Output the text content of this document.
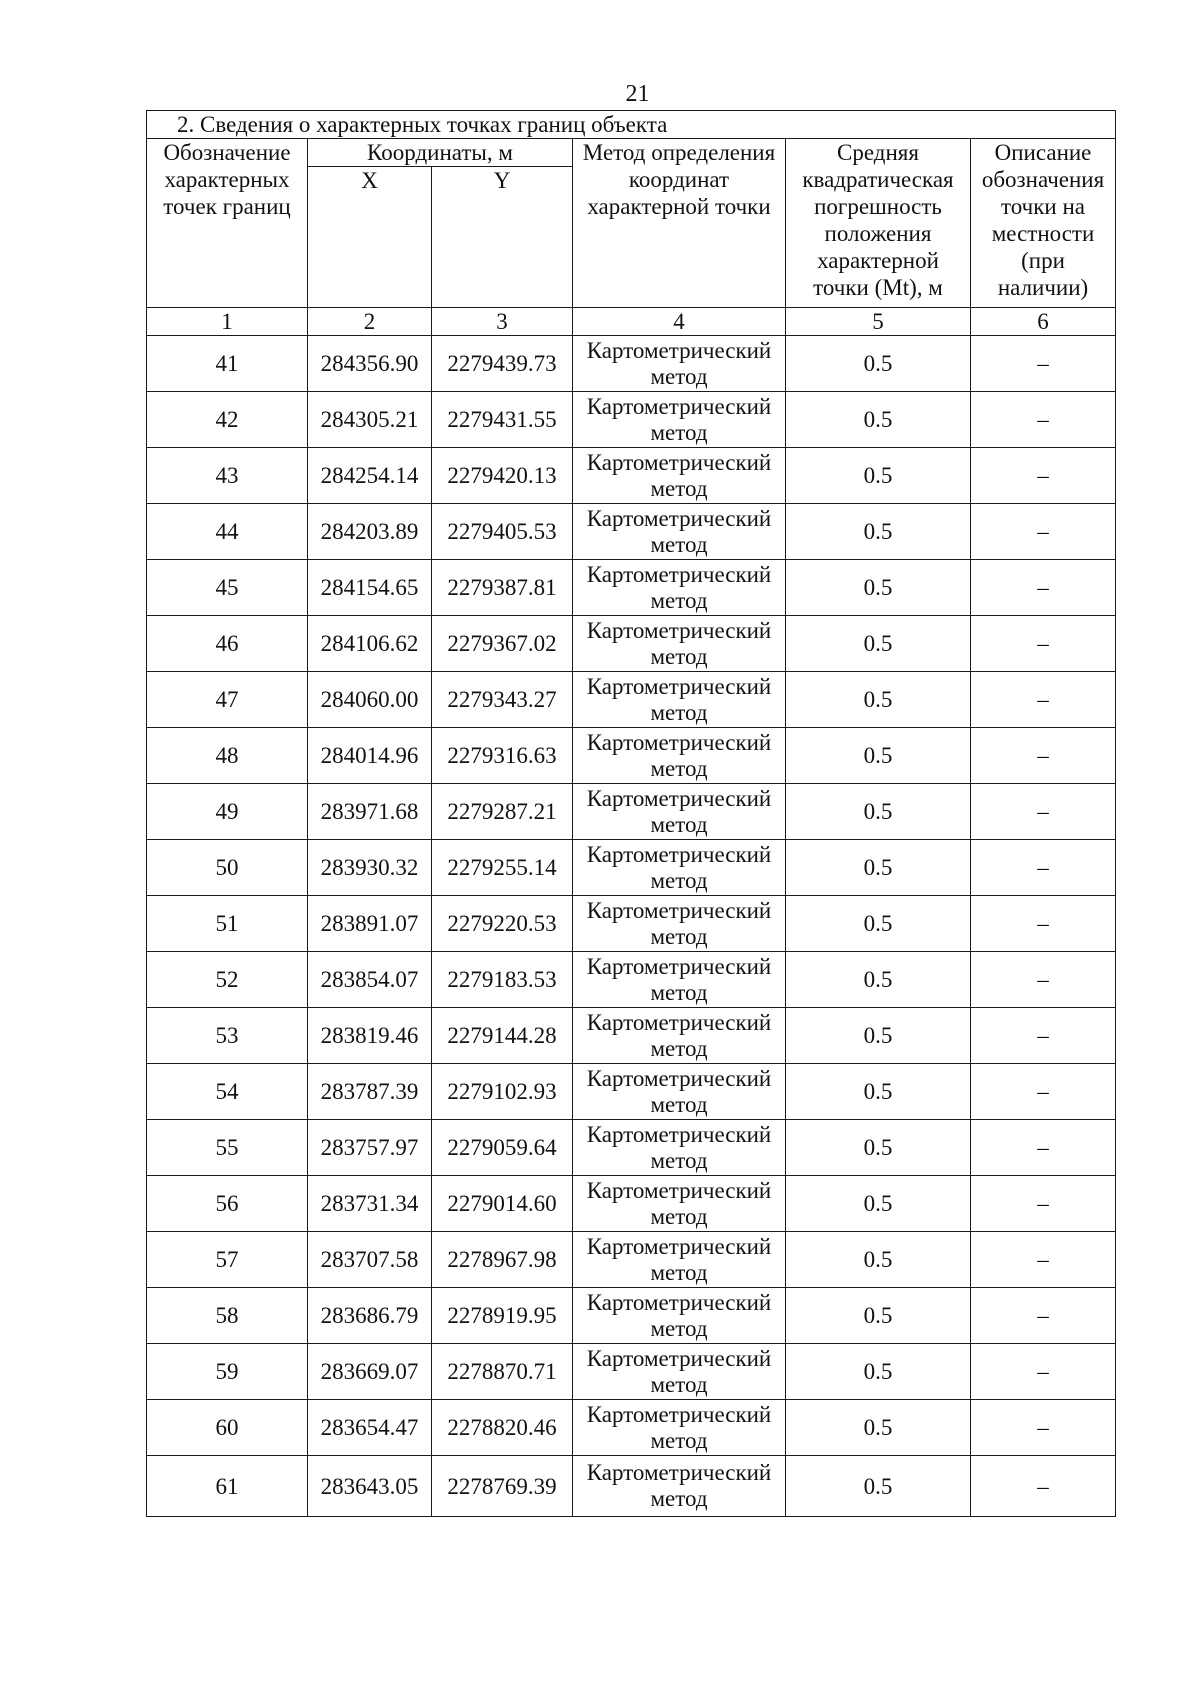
21
2. Сведения о характерных точках границ объекта					
Обозначение характерных точек границ	Координаты, м		Метод определения координат характерной точки	Средняя квадратическая погрешность положения характерной точки (Mt), м	Описание обозначения точки на местности (при наличии)
	X	Y			
1	2	3	4	5	6
41	284356.90	2279439.73	Картометрический метод	0.5	–
42	284305.21	2279431.55	Картометрический метод	0.5	–
43	284254.14	2279420.13	Картометрический метод	0.5	–
44	284203.89	2279405.53	Картометрический метод	0.5	–
45	284154.65	2279387.81	Картометрический метод	0.5	–
46	284106.62	2279367.02	Картометрический метод	0.5	–
47	284060.00	2279343.27	Картометрический метод	0.5	–
48	284014.96	2279316.63	Картометрический метод	0.5	–
49	283971.68	2279287.21	Картометрический метод	0.5	–
50	283930.32	2279255.14	Картометрический метод	0.5	–
51	283891.07	2279220.53	Картометрический метод	0.5	–
52	283854.07	2279183.53	Картометрический метод	0.5	–
53	283819.46	2279144.28	Картометрический метод	0.5	–
54	283787.39	2279102.93	Картометрический метод	0.5	–
55	283757.97	2279059.64	Картометрический метод	0.5	–
56	283731.34	2279014.60	Картометрический метод	0.5	–
57	283707.58	2278967.98	Картометрический метод	0.5	–
58	283686.79	2278919.95	Картометрический метод	0.5	–
59	283669.07	2278870.71	Картометрический метод	0.5	–
60	283654.47	2278820.46	Картометрический метод	0.5	–
61	283643.05	2278769.39	Картометрический метод	0.5	–
